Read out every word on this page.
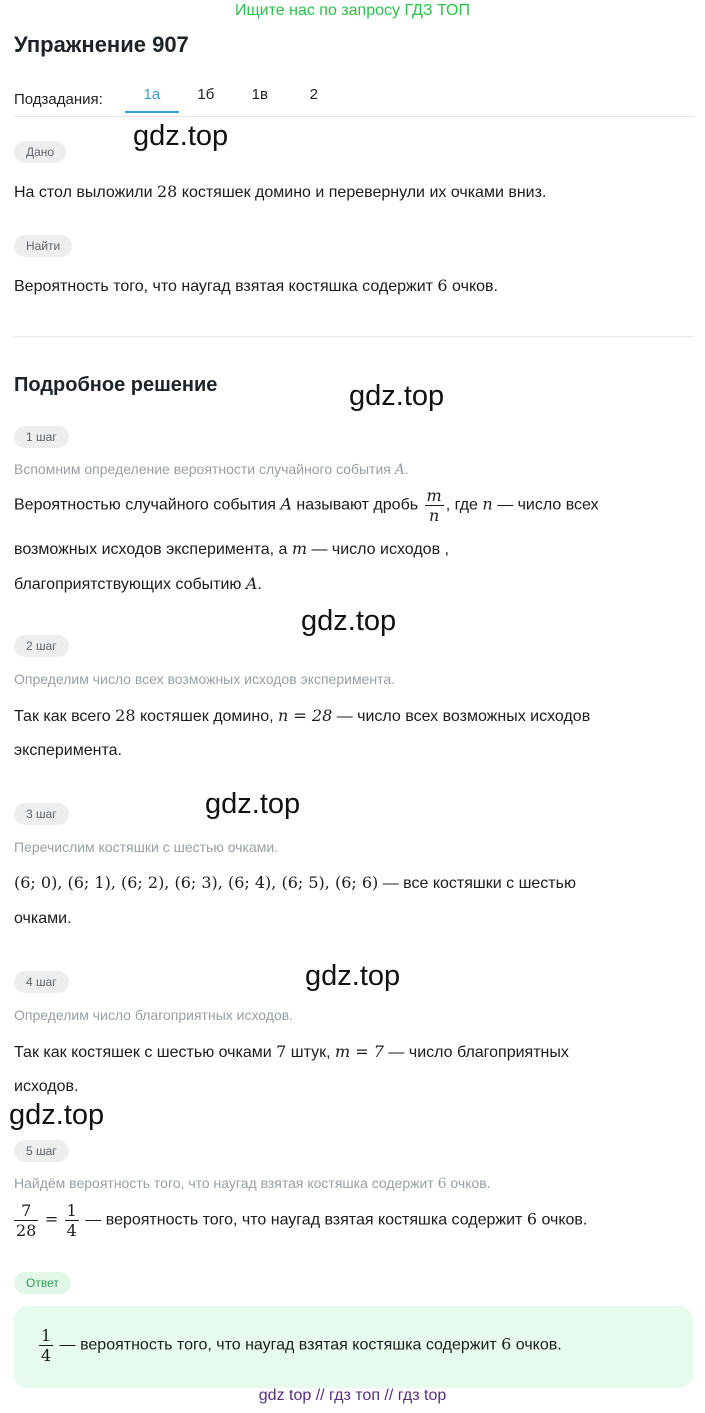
Ищите нас по запросу ГДЗ ТОП
Упражнение 907
Подзадания:	1а	1б	1в	2
Дано	gdz.top
На стол выложили 28 костяшек домино и перевернули их очками вниз.
Найти
Вероятность того, что наугад взятая костяшка содержит 6 очков.
Подробное решение	gdz.top
1 шаг
Вспомним определение вероятности случайного события A.
Вероятностью случайного события A называют дробь $\frac{m}{n}$ , где n — число всех
возможных исходов эксперимента, а m — число исходов ,
благоприятствующих событию A.
gdz.top
2 шаг
Определим число всех возможных исходов эксперимента.
Так как всего 28 костяшек домино, n = 28 — число всех возможных исходов
эксперимента.
gdz.top
3 шаг
Перечислим костяшки с шестью очками.
(6; 0), (6; 1), (6; 2), (6; 3), (6; 4), (6; 5), (6; 6) — все костяшки с шестью
очками.
gdz.top
4 шаг
Определим число благоприятных исходов.
Так как костяшек с шестью очками 7 штук, m = 7 — число благоприятных
исходов.
gdz.top
5 шаг
Найдём вероятность того, что наугад взятая костяшка содержит 6 очков.
$\frac{7}{28} = \frac{1}{4}$ — вероятность того, что наугад взятая костяшка содержит 6 очков.
Ответ
$\frac{1}{4}$ — вероятность того, что наугад взятая костяшка содержит 6 очков.
gdz top // гдз топ // гдз top
